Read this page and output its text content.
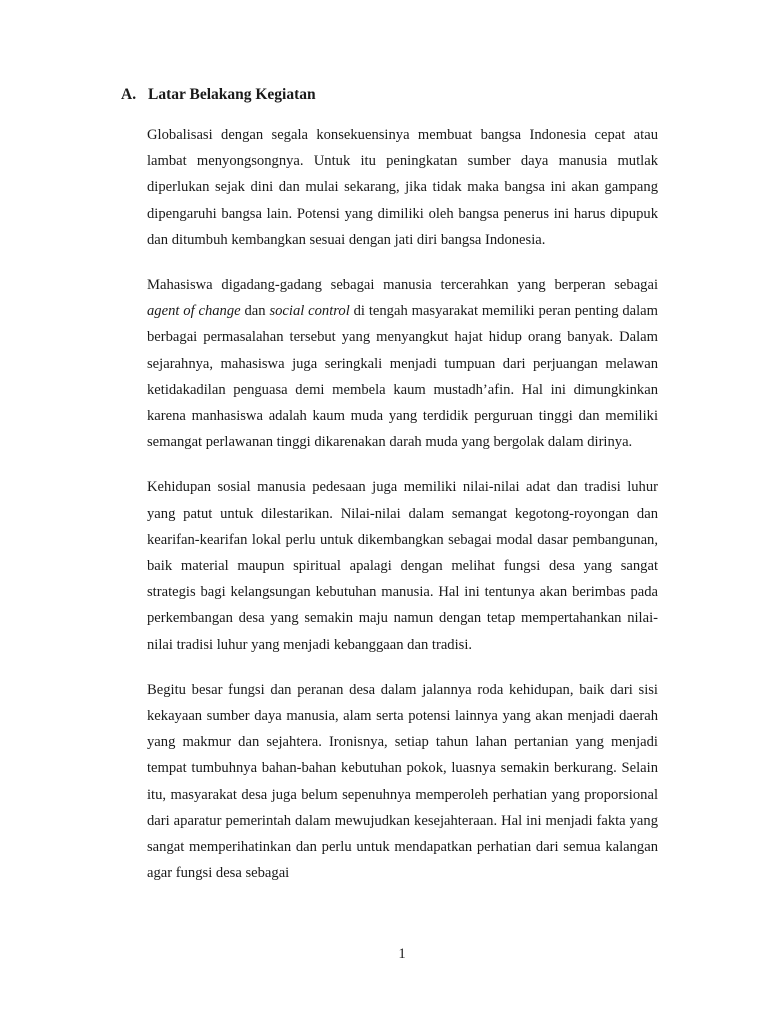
A. Latar Belakang Kegiatan

Globalisasi dengan segala konsekuensinya membuat bangsa Indonesia cepat atau lambat menyongsongnya. Untuk itu peningkatan sumber daya manusia mutlak diperlukan sejak dini dan mulai sekarang, jika tidak maka bangsa ini akan gampang dipengaruhi bangsa lain. Potensi yang dimiliki oleh bangsa penerus ini harus dipupuk dan ditumbuh kembangkan sesuai dengan jati diri bangsa Indonesia.

Mahasiswa digadang-gadang sebagai manusia tercerahkan yang berperan sebagai agent of change dan social control di tengah masyarakat memiliki peran penting dalam berbagai permasalahan tersebut yang menyangkut hajat hidup orang banyak. Dalam sejarahnya, mahasiswa juga seringkali menjadi tumpuan dari perjuangan melawan ketidakadilan penguasa demi membela kaum mustadh’afin. Hal ini dimungkinkan karena manhasiswa adalah kaum muda yang terdidik perguruan tinggi dan memiliki semangat perlawanan tinggi dikarenakan darah muda yang bergolak dalam dirinya.

Kehidupan sosial manusia pedesaan juga memiliki nilai-nilai adat dan tradisi luhur yang patut untuk dilestarikan. Nilai-nilai dalam semangat kegotong-royongan dan kearifan-kearifan lokal perlu untuk dikembangkan sebagai modal dasar pembangunan, baik material maupun spiritual apalagi dengan melihat fungsi desa yang sangat strategis bagi kelangsungan kebutuhan manusia. Hal ini tentunya akan berimbas pada perkembangan desa yang semakin maju namun dengan tetap mempertahankan nilai-nilai tradisi luhur yang menjadi kebanggaan dan tradisi.

Begitu besar fungsi dan peranan desa dalam jalannya roda kehidupan, baik dari sisi kekayaan sumber daya manusia, alam serta potensi lainnya yang akan menjadi daerah yang makmur dan sejahtera. Ironisnya, setiap tahun lahan pertanian yang menjadi tempat tumbuhnya bahan-bahan kebutuhan pokok, luasnya semakin berkurang. Selain itu, masyarakat desa juga belum sepenuhnya memperoleh perhatian yang proporsional dari aparatur pemerintah dalam mewujudkan kesejahteraan. Hal ini menjadi fakta yang sangat memperihatinkan dan perlu untuk mendapatkan perhatian dari semua kalangan agar fungsi desa sebagai

1
